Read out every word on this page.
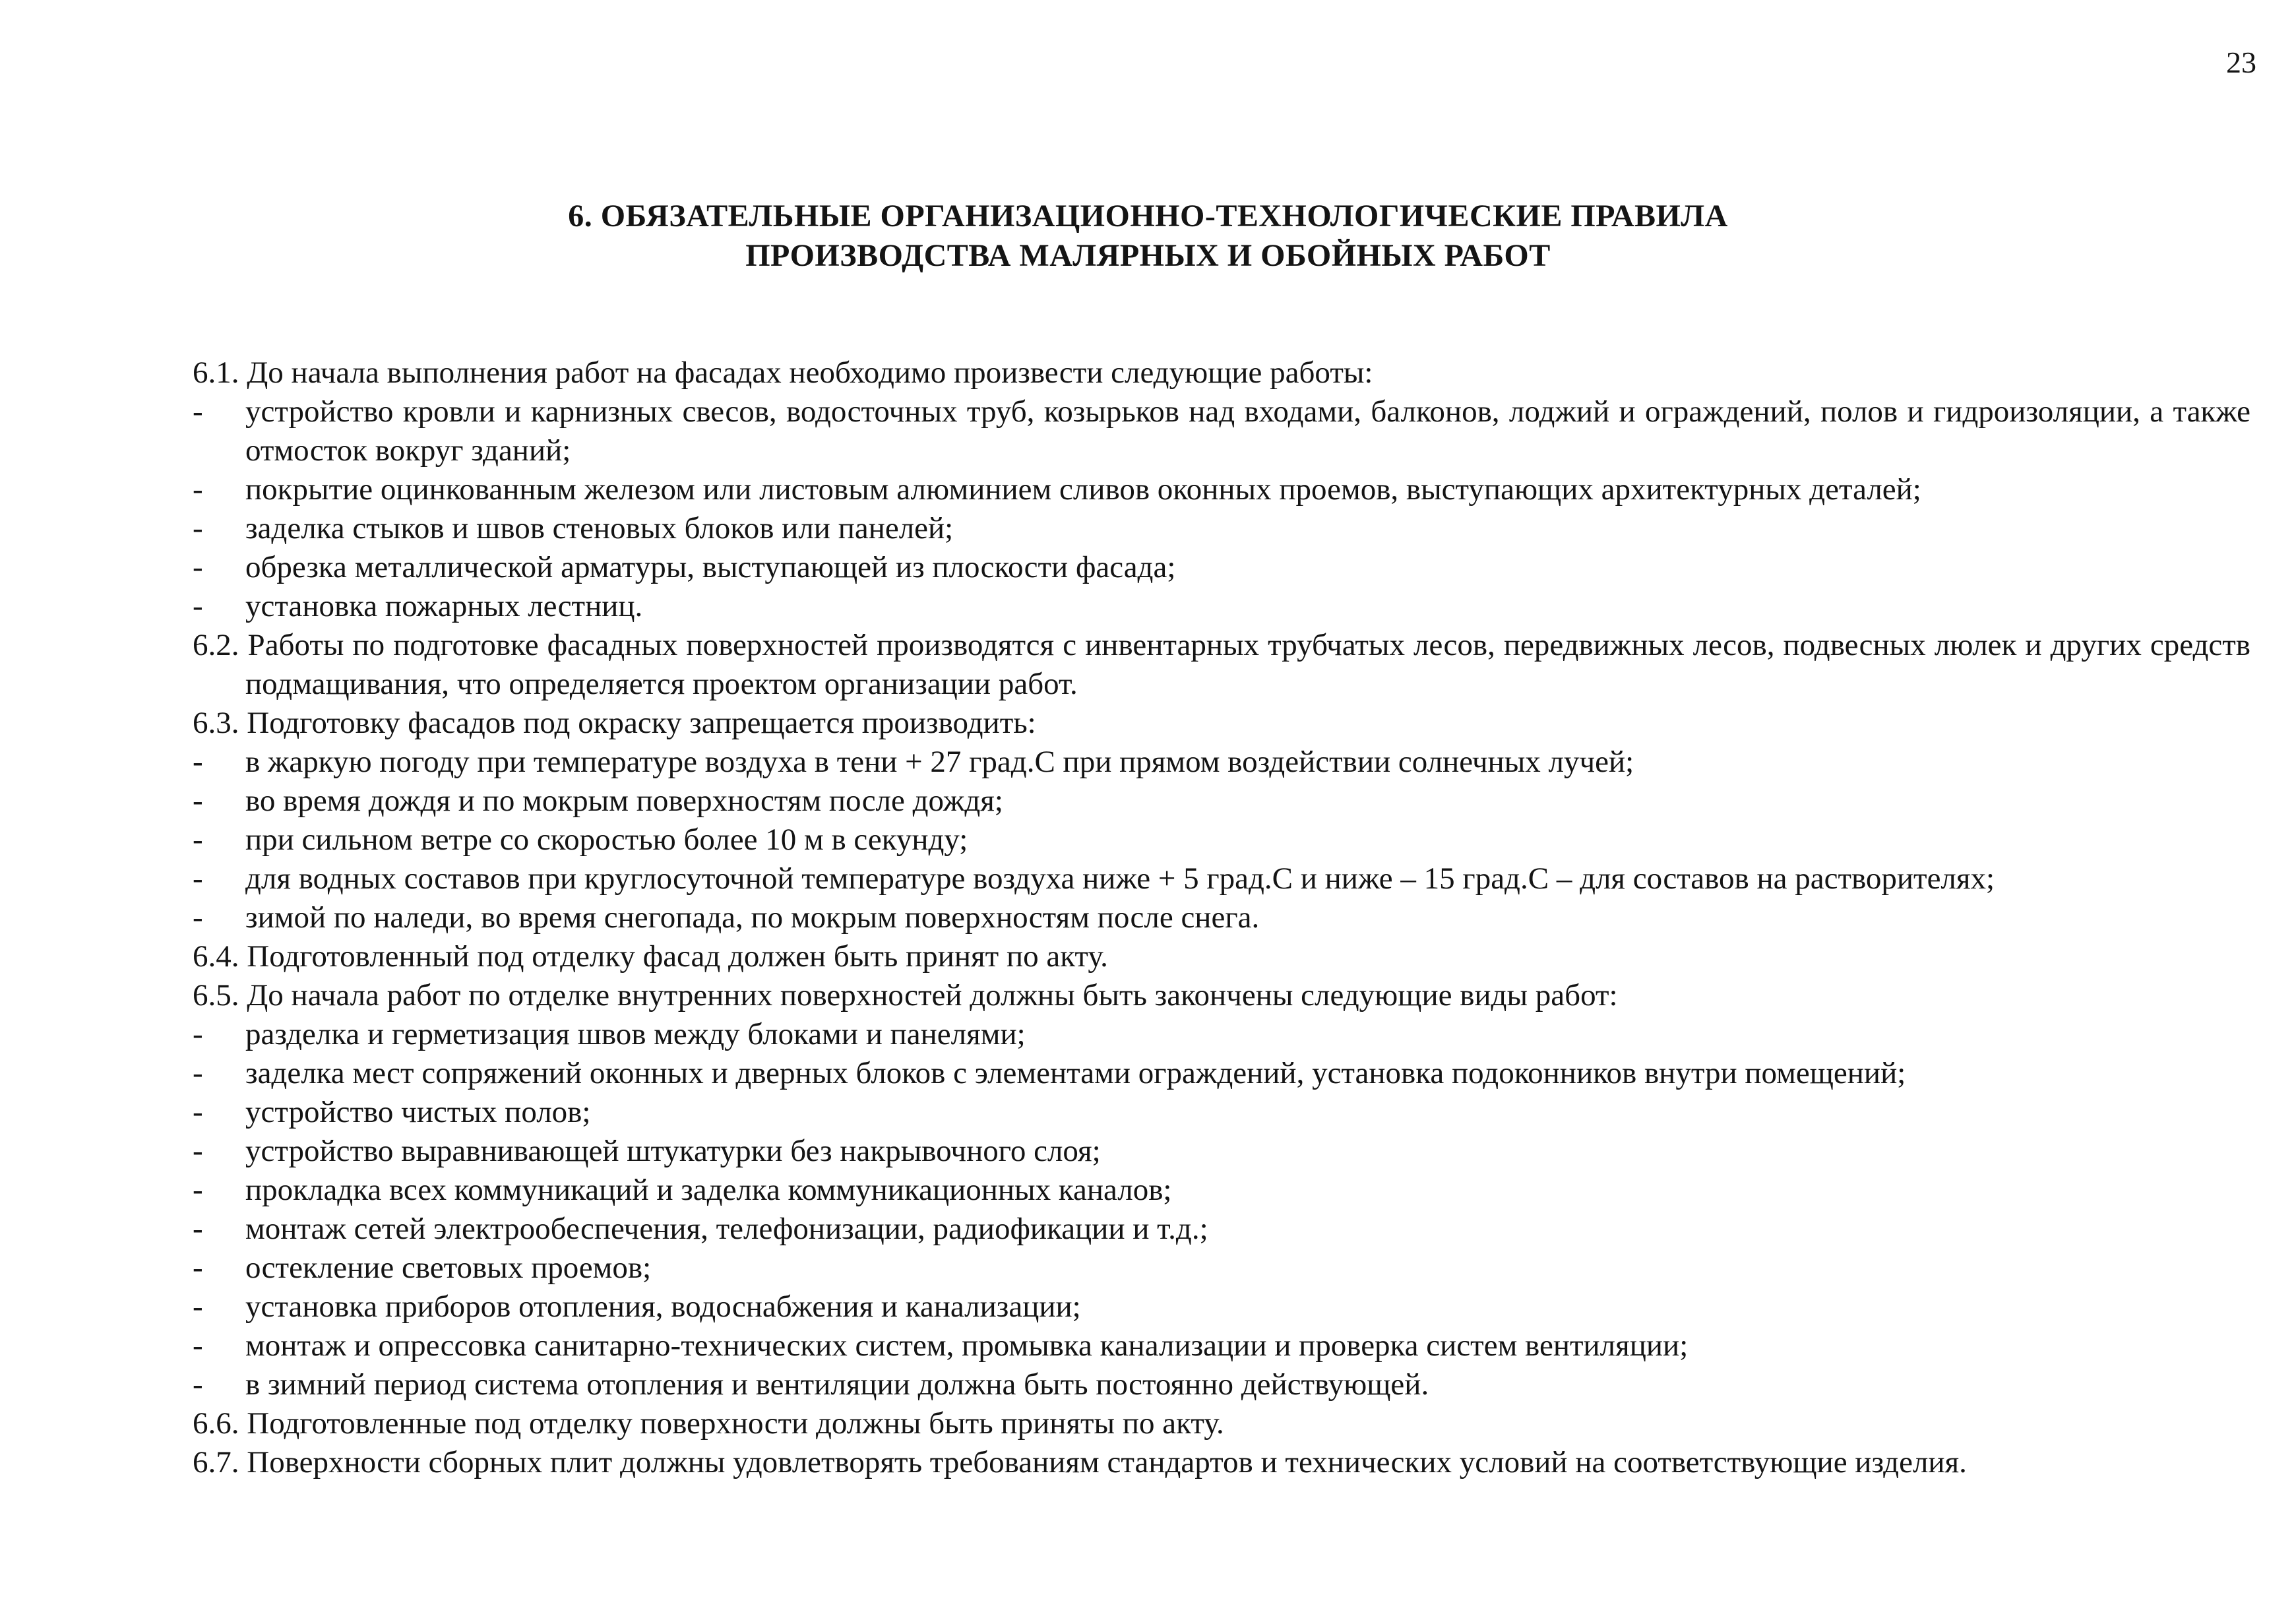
23
6. ОБЯЗАТЕЛЬНЫЕ ОРГАНИЗАЦИОННО-ТЕХНОЛОГИЧЕСКИЕ ПРАВИЛА
ПРОИЗВОДСТВА МАЛЯРНЫХ И ОБОЙНЫХ РАБОТ
6.1. До начала выполнения работ на фасадах необходимо произвести следующие работы:
-	устройство кровли и карнизных свесов, водосточных труб, козырьков над входами, балконов, лоджий и ограждений, полов и гидроизоляции, а также отмосток вокруг зданий;
-	покрытие оцинкованным железом или листовым алюминием сливов оконных проемов, выступающих архитектурных деталей;
-	заделка стыков и швов стеновых блоков или панелей;
-	обрезка металлической арматуры, выступающей из плоскости фасада;
-	установка пожарных лестниц.
6.2. Работы по подготовке фасадных поверхностей производятся с инвентарных трубчатых лесов, передвижных лесов, подвесных люлек и других средств подмащивания, что определяется проектом организации работ.
6.3. Подготовку фасадов под окраску запрещается производить:
-	в жаркую погоду при температуре воздуха в тени + 27 град.С при прямом воздействии солнечных лучей;
-	во время дождя и по мокрым поверхностям после дождя;
-	при сильном ветре со скоростью более 10 м в секунду;
-	для водных составов при круглосуточной температуре воздуха ниже + 5 град.С и ниже – 15 град.С – для составов на растворителях;
-	зимой по наледи, во время снегопада, по мокрым поверхностям после снега.
6.4. Подготовленный под отделку фасад должен быть принят по акту.
6.5. До начала работ по отделке внутренних поверхностей должны быть закончены следующие виды работ:
-	разделка и герметизация швов между блоками и панелями;
-	заделка мест сопряжений оконных и дверных блоков с элементами ограждений, установка подоконников внутри помещений;
-	устройство чистых полов;
-	устройство выравнивающей штукатурки без накрывочного слоя;
-	прокладка всех коммуникаций и заделка коммуникационных каналов;
-	монтаж сетей электрообеспечения, телефонизации, радиофикации и т.д.;
-	остекление световых проемов;
-	установка приборов отопления, водоснабжения и канализации;
-	монтаж и опрессовка санитарно-технических систем, промывка канализации и проверка систем вентиляции;
-	в зимний период система отопления и вентиляции должна быть постоянно действующей.
6.6. Подготовленные под отделку поверхности должны быть приняты по акту.
6.7. Поверхности сборных плит должны удовлетворять требованиям стандартов и технических условий на соответствующие изделия.
